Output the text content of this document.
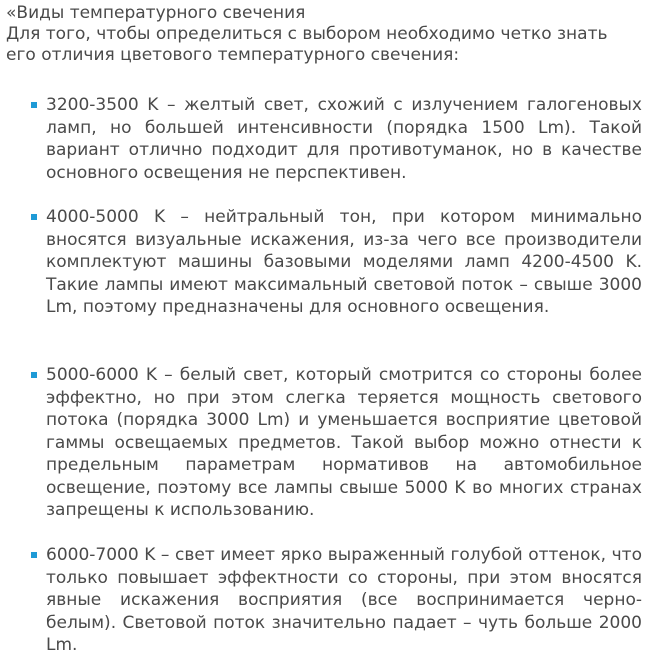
«Виды температурного свечения
Для того, чтобы определиться с выбором необходимо четко знать его отличия цветового температурного свечения:
3200-3500 K – желтый свет, схожий с излучением галогеновых ламп, но большей интенсивности (порядка 1500 Lm). Такой вариант отлично подходит для противотуманок, но в качестве основного освещения не перспективен.
4000-5000 K – нейтральный тон, при котором минимально вносятся визуальные искажения, из-за чего все производители комплектуют машины базовыми моделями ламп 4200-4500 K. Такие лампы имеют максимальный световой поток – свыше 3000 Lm, поэтому предназначены для основного освещения.
5000-6000 K – белый свет, который смотрится со стороны более эффектно, но при этом слегка теряется мощность светового потока (порядка 3000 Lm) и уменьшается восприятие цветовой гаммы освещаемых предметов. Такой выбор можно отнести к предельным параметрам нормативов на автомобильное освещение, поэтому все лампы свыше 5000 K во многих странах запрещены к использованию.
6000-7000 K – свет имеет ярко выраженный голубой оттенок, что только повышает эффектности со стороны, при этом вносятся явные искажения восприятия (все воспринимается черно-белым). Световой поток значительно падает – чуть больше 2000 Lm.
